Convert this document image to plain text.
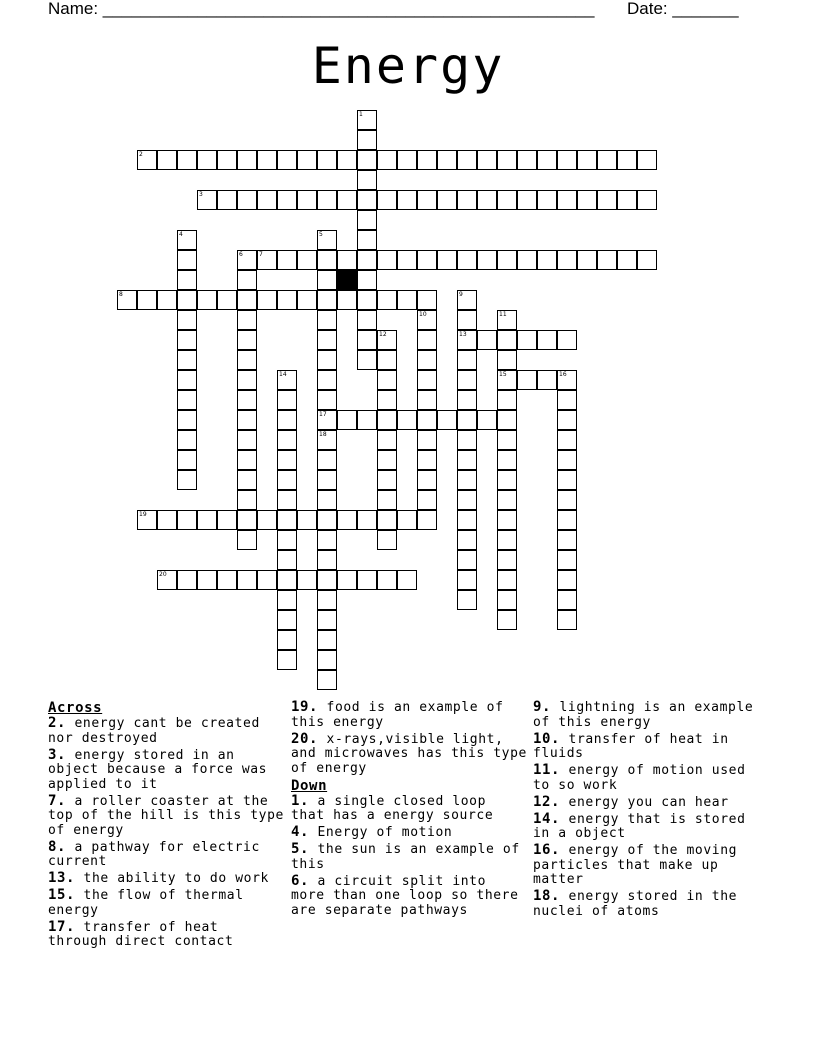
Name: ____________________________________________________ Date: _______
Energy
1
2
3
4	5
17
6	7
8	9
13
10	11
15
12
14	16
18
19
20
Across
2. energy cant be created nor destroyed
3. energy stored in an object because a force was applied to it
7. a roller coaster at the top of the hill is this type of energy
8. a pathway for electric current
13. the ability to do work
15. the flow of thermal energy
17. transfer of heat through direct contact
19. food is an example of this energy
20. x-rays,visible light, and microwaves has this type of energy
Down
1. a single closed loop that has a energy source
4. Energy of motion
5. the sun is an example of this
6. a circuit split into more than one loop so there are separate pathways
9. lightning is an example of this energy
10. transfer of heat in fluids
11. energy of motion used to so work
12. energy you can hear
14. energy that is stored in a object
16. energy of the moving particles that make up matter
18. energy stored in the nuclei of atoms
